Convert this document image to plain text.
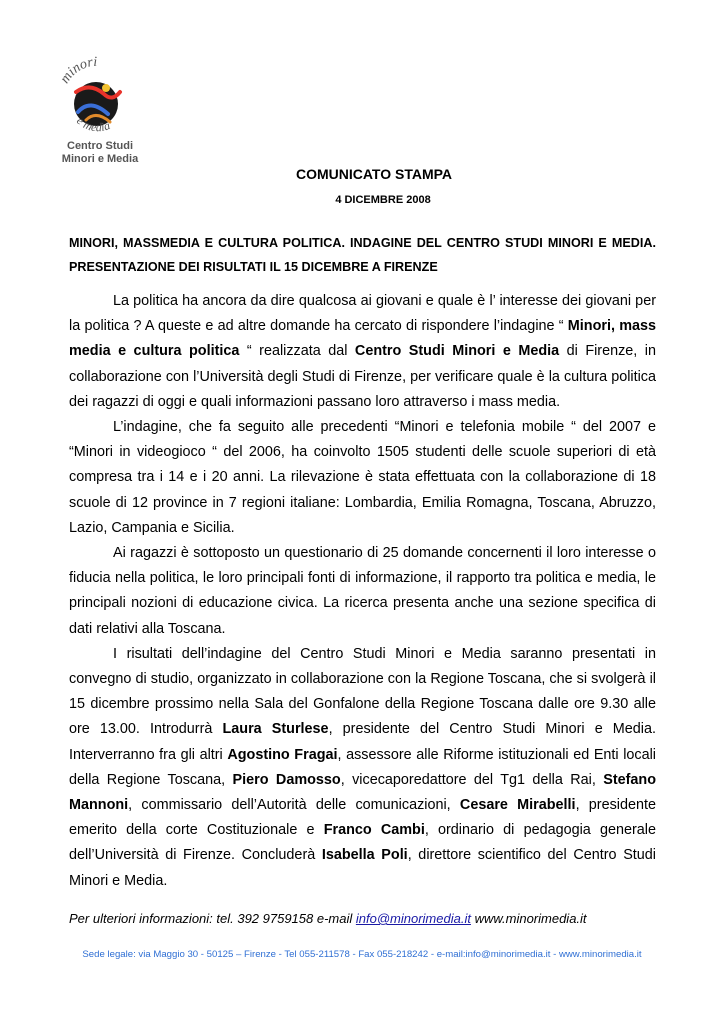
minori
e media
Centro Studi
Minori e Media
COMUNICATO STAMPA
4 DICEMBRE 2008
MINORI, MASSMEDIA E CULTURA POLITICA. INDAGINE DEL CENTRO STUDI MINORI E MEDIA. PRESENTAZIONE DEI RISULTATI IL 15 DICEMBRE A FIRENZE

La politica ha ancora da dire qualcosa ai giovani e quale è l’ interesse dei giovani per la politica ? A queste e ad altre domande ha cercato di rispondere l’indagine “ Minori, mass media e cultura politica “ realizzata dal Centro Studi Minori e Media di Firenze, in collaborazione con l’Università degli Studi di Firenze, per verificare quale è la cultura politica dei ragazzi di oggi e quali informazioni passano loro attraverso i mass media.

L’indagine, che fa seguito alle precedenti “Minori e telefonia mobile “ del 2007 e “Minori in videogioco “ del 2006, ha coinvolto 1505 studenti delle scuole superiori di età compresa tra i 14 e i 20 anni. La rilevazione è stata effettuata con la collaborazione di 18 scuole di 12 province in 7 regioni italiane: Lombardia, Emilia Romagna, Toscana, Abruzzo, Lazio, Campania e Sicilia.

Ai ragazzi è sottoposto un questionario di 25 domande concernenti il loro interesse o fiducia nella politica, le loro principali fonti di informazione, il rapporto tra politica e media, le principali nozioni di educazione civica. La ricerca presenta anche una sezione specifica di dati relativi alla Toscana.

I risultati dell’indagine del Centro Studi Minori e Media saranno presentati in convegno di studio, organizzato in collaborazione con la Regione Toscana, che si svolgerà il 15 dicembre prossimo nella Sala del Gonfalone della Regione Toscana dalle ore 9.30 alle ore 13.00. Introdurrà Laura Sturlese, presidente del Centro Studi Minori e Media. Interverranno fra gli altri Agostino Fragai, assessore alle Riforme istituzionali ed Enti locali della Regione Toscana, Piero Damosso, vicecaporedattore del Tg1 della Rai, Stefano Mannoni, commissario dell’Autorità delle comunicazioni, Cesare Mirabelli, presidente emerito della corte Costituzionale e Franco Cambi, ordinario di pedagogia generale dell’Università di Firenze. Concluderà Isabella Poli, direttore scientifico del Centro Studi Minori e Media.

Per ulteriori informazioni: tel. 392 9759158 e-mail info@minorimedia.it www.minorimedia.it
Sede legale: via Maggio 30 - 50125 – Firenze - Tel 055-211578 - Fax 055-218242 - e-mail:info@minorimedia.it - www.minorimedia.it
